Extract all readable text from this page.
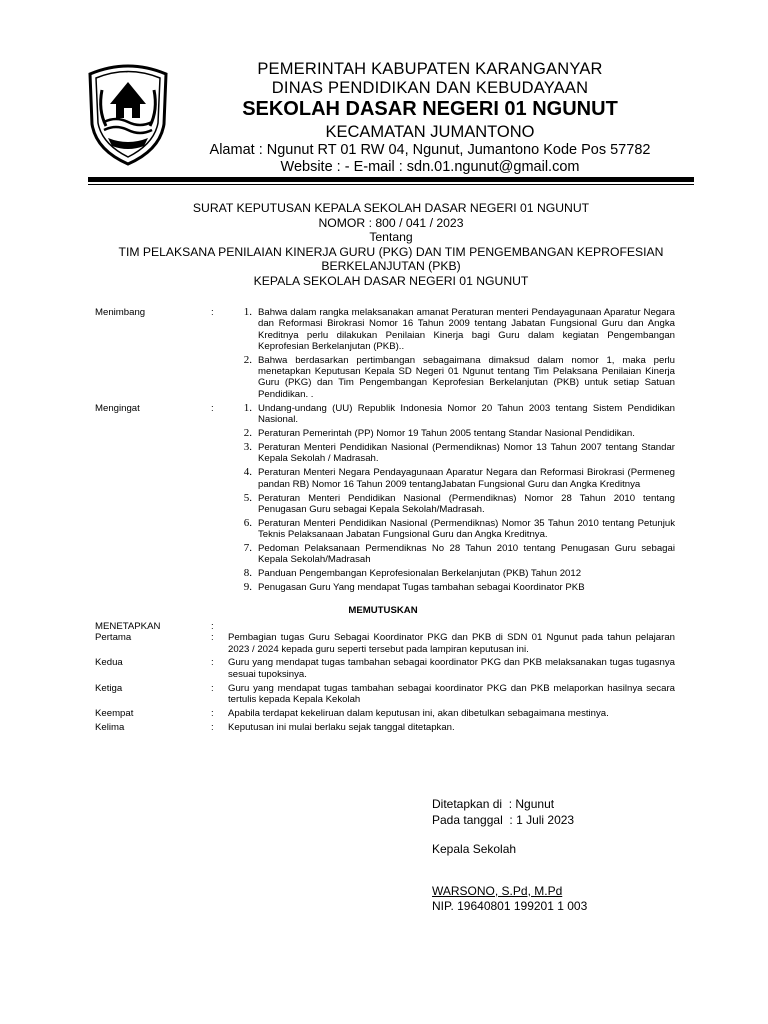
PEMERINTAH KABUPATEN KARANGANYAR
DINAS PENDIDIKAN DAN KEBUDAYAAN
SEKOLAH DASAR NEGERI 01 NGUNUT
KECAMATAN JUMANTONO
Alamat : Ngunut RT 01 RW 04, Ngunut, Jumantono Kode Pos 57782
Website : - E-mail : sdn.01.ngunut@gmail.com
SURAT KEPUTUSAN KEPALA SEKOLAH DASAR NEGERI 01 NGUNUT
NOMOR : 800 / 041 / 2023
Tentang
TIM PELAKSANA PENILAIAN KINERJA GURU (PKG) DAN TIM PENGEMBANGAN KEPROFESIAN
BERKELANJUTAN (PKB)
KEPALA SEKOLAH DASAR NEGERI 01 NGUNUT
Menimbang	:	1. Bahwa dalam rangka melaksanakan amanat Peraturan menteri Pendayagunaan Aparatur Negara dan Reformasi Birokrasi Nomor 16 Tahun 2009 tentang Jabatan Fungsional Guru dan Angka Kreditnya perlu dilakukan Penilaian Kinerja bagi Guru dalam kegiatan Pengembangan Keprofesian Berkelanjutan (PKB)..
2. Bahwa berdasarkan pertimbangan sebagaimana dimaksud dalam nomor 1, maka perlu menetapkan Keputusan Kepala SD Negeri 01 Ngunut tentang Tim Pelaksana Penilaian Kinerja Guru (PKG) dan Tim Pengembangan Keprofesian Berkelanjutan (PKB) untuk setiap Satuan Pendidikan. .
Mengingat	:	1. Undang-undang (UU) Republik Indonesia Nomor 20 Tahun 2003 tentang Sistem Pendidikan Nasional.
2. Peraturan Pemerintah (PP) Nomor 19 Tahun 2005 tentang Standar Nasional Pendidikan.
3. Peraturan Menteri Pendidikan Nasional (Permendiknas) Nomor 13 Tahun 2007 tentang Standar Kepala Sekolah / Madrasah.
4. Peraturan Menteri Negara Pendayagunaan Aparatur Negara dan Reformasi Birokrasi (Permeneg pandan RB) Nomor 16 Tahun 2009 tentangJabatan Fungsional Guru dan Angka Kreditnya
5. Peraturan Menteri Pendidikan Nasional (Permendiknas) Nomor 28 Tahun 2010 tentang Penugasan Guru sebagai Kepala Sekolah/Madrasah.
6. Peraturan Menteri Pendidikan Nasional (Permendiknas) Nomor 35 Tahun 2010 tentang Petunjuk Teknis Pelaksanaan Jabatan Fungsional Guru dan Angka Kreditnya.
7. Pedoman Pelaksanaan Permendiknas No 28 Tahun 2010 tentang Penugasan Guru sebagai Kepala Sekolah/Madrasah
8. Panduan Pengembangan Keprofesionalan Berkelanjutan (PKB) Tahun 2012
9. Penugasan Guru Yang mendapat Tugas tambahan sebagai Koordinator PKB
MEMUTUSKAN
MENETAPKAN	:
Pertama	: Pembagian tugas Guru Sebagai Koordinator PKG dan PKB di SDN 01 Ngunut pada tahun pelajaran 2023 / 2024 kepada guru seperti tersebut pada lampiran keputusan ini.
Kedua	: Guru yang mendapat tugas tambahan sebagai koordinator PKG dan PKB melaksanakan tugas tugasnya sesuai tupoksinya.
Ketiga	: Guru yang mendapat tugas tambahan sebagai koordinator PKG dan PKB melaporkan hasilnya secara tertulis kepada Kepala Kekolah
Keempat	: Apabila terdapat kekeliruan dalam keputusan ini, akan dibetulkan sebagaimana mestinya.
Kelima	: Keputusan ini mulai berlaku sejak tanggal ditetapkan.
Ditetapkan di  : Ngunut
Pada tanggal  : 1 Juli 2023
Kepala Sekolah
WARSONO, S.Pd, M.Pd
NIP. 19640801 199201 1 003
